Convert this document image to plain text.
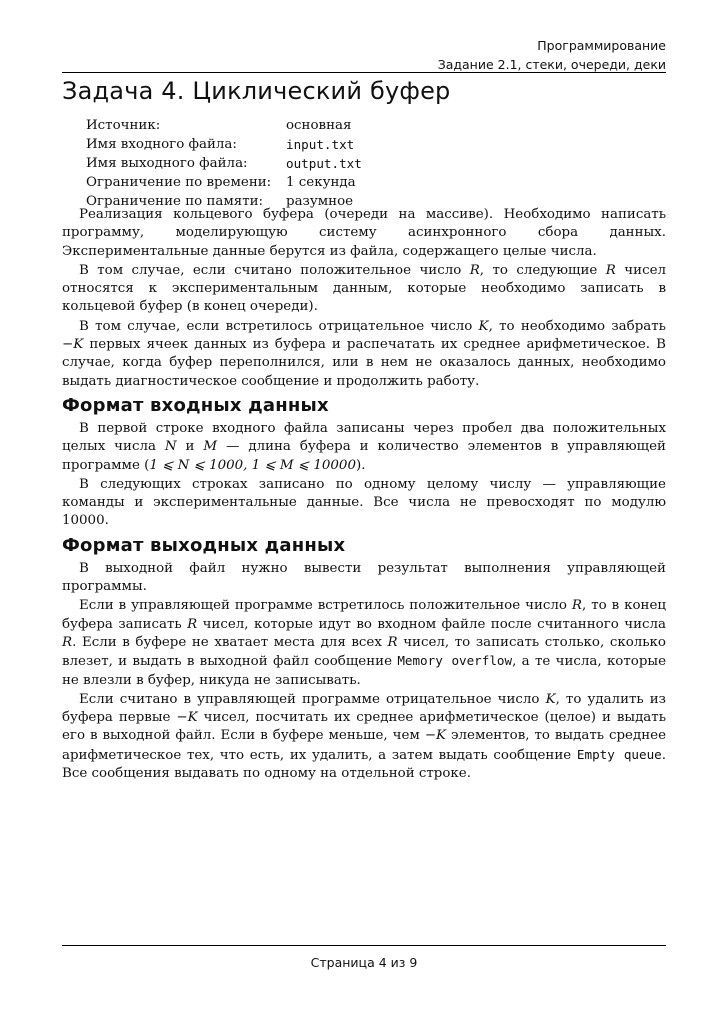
Программирование
Задание 2.1, стеки, очереди, деки
Задача 4. Циклический буфер
Источник:	основная
Имя входного файла:	input.txt
Имя выходного файла:	output.txt
Ограничение по времени:	1 секунда
Ограничение по памяти:	разумное

Реализация кольцевого буфера (очереди на массиве). Необходимо написать программу, моделирующую систему асинхронного сбора данных. Экспериментальные данные берутся из файла, содержащего целые числа.

В том случае, если считано положительное число R, то следующие R чисел относятся к экспериментальным данным, которые необходимо записать в кольцевой буфер (в конец очереди).

В том случае, если встретилось отрицательное число K, то необходимо забрать −K первых ячеек данных из буфера и распечатать их среднее арифметическое. В случае, когда буфер переполнился, или в нем не оказалось данных, необходимо выдать диагностическое сообщение и продолжить работу.

Формат входных данных

В первой строке входного файла записаны через пробел два положительных целых числа N и M — длина буфера и количество элементов в управляющей программе (1 ⩽ N ⩽ 1000, 1 ⩽ M ⩽ 10000).

В следующих строках записано по одному целому числу — управляющие команды и экспериментальные данные. Все числа не превосходят по модулю 10000.

Формат выходных данных

В выходной файл нужно вывести результат выполнения управляющей программы.

Если в управляющей программе встретилось положительное число R, то в конец буфера записать R чисел, которые идут во входном файле после считанного числа R. Если в буфере не хватает места для всех R чисел, то записать столько, сколько влезет, и выдать в выходной файл сообщение Memory overflow, а те числа, которые не влезли в буфер, никуда не записывать.

Если считано в управляющей программе отрицательное число K, то удалить из буфера первые −K чисел, посчитать их среднее арифметическое (целое) и выдать его в выходной файл. Если в буфере меньше, чем −K элементов, то выдать среднее арифметическое тех, что есть, их удалить, а затем выдать сообщение Empty queue. Все сообщения выдавать по одному на отдельной строке.

Страница 4 из 9
